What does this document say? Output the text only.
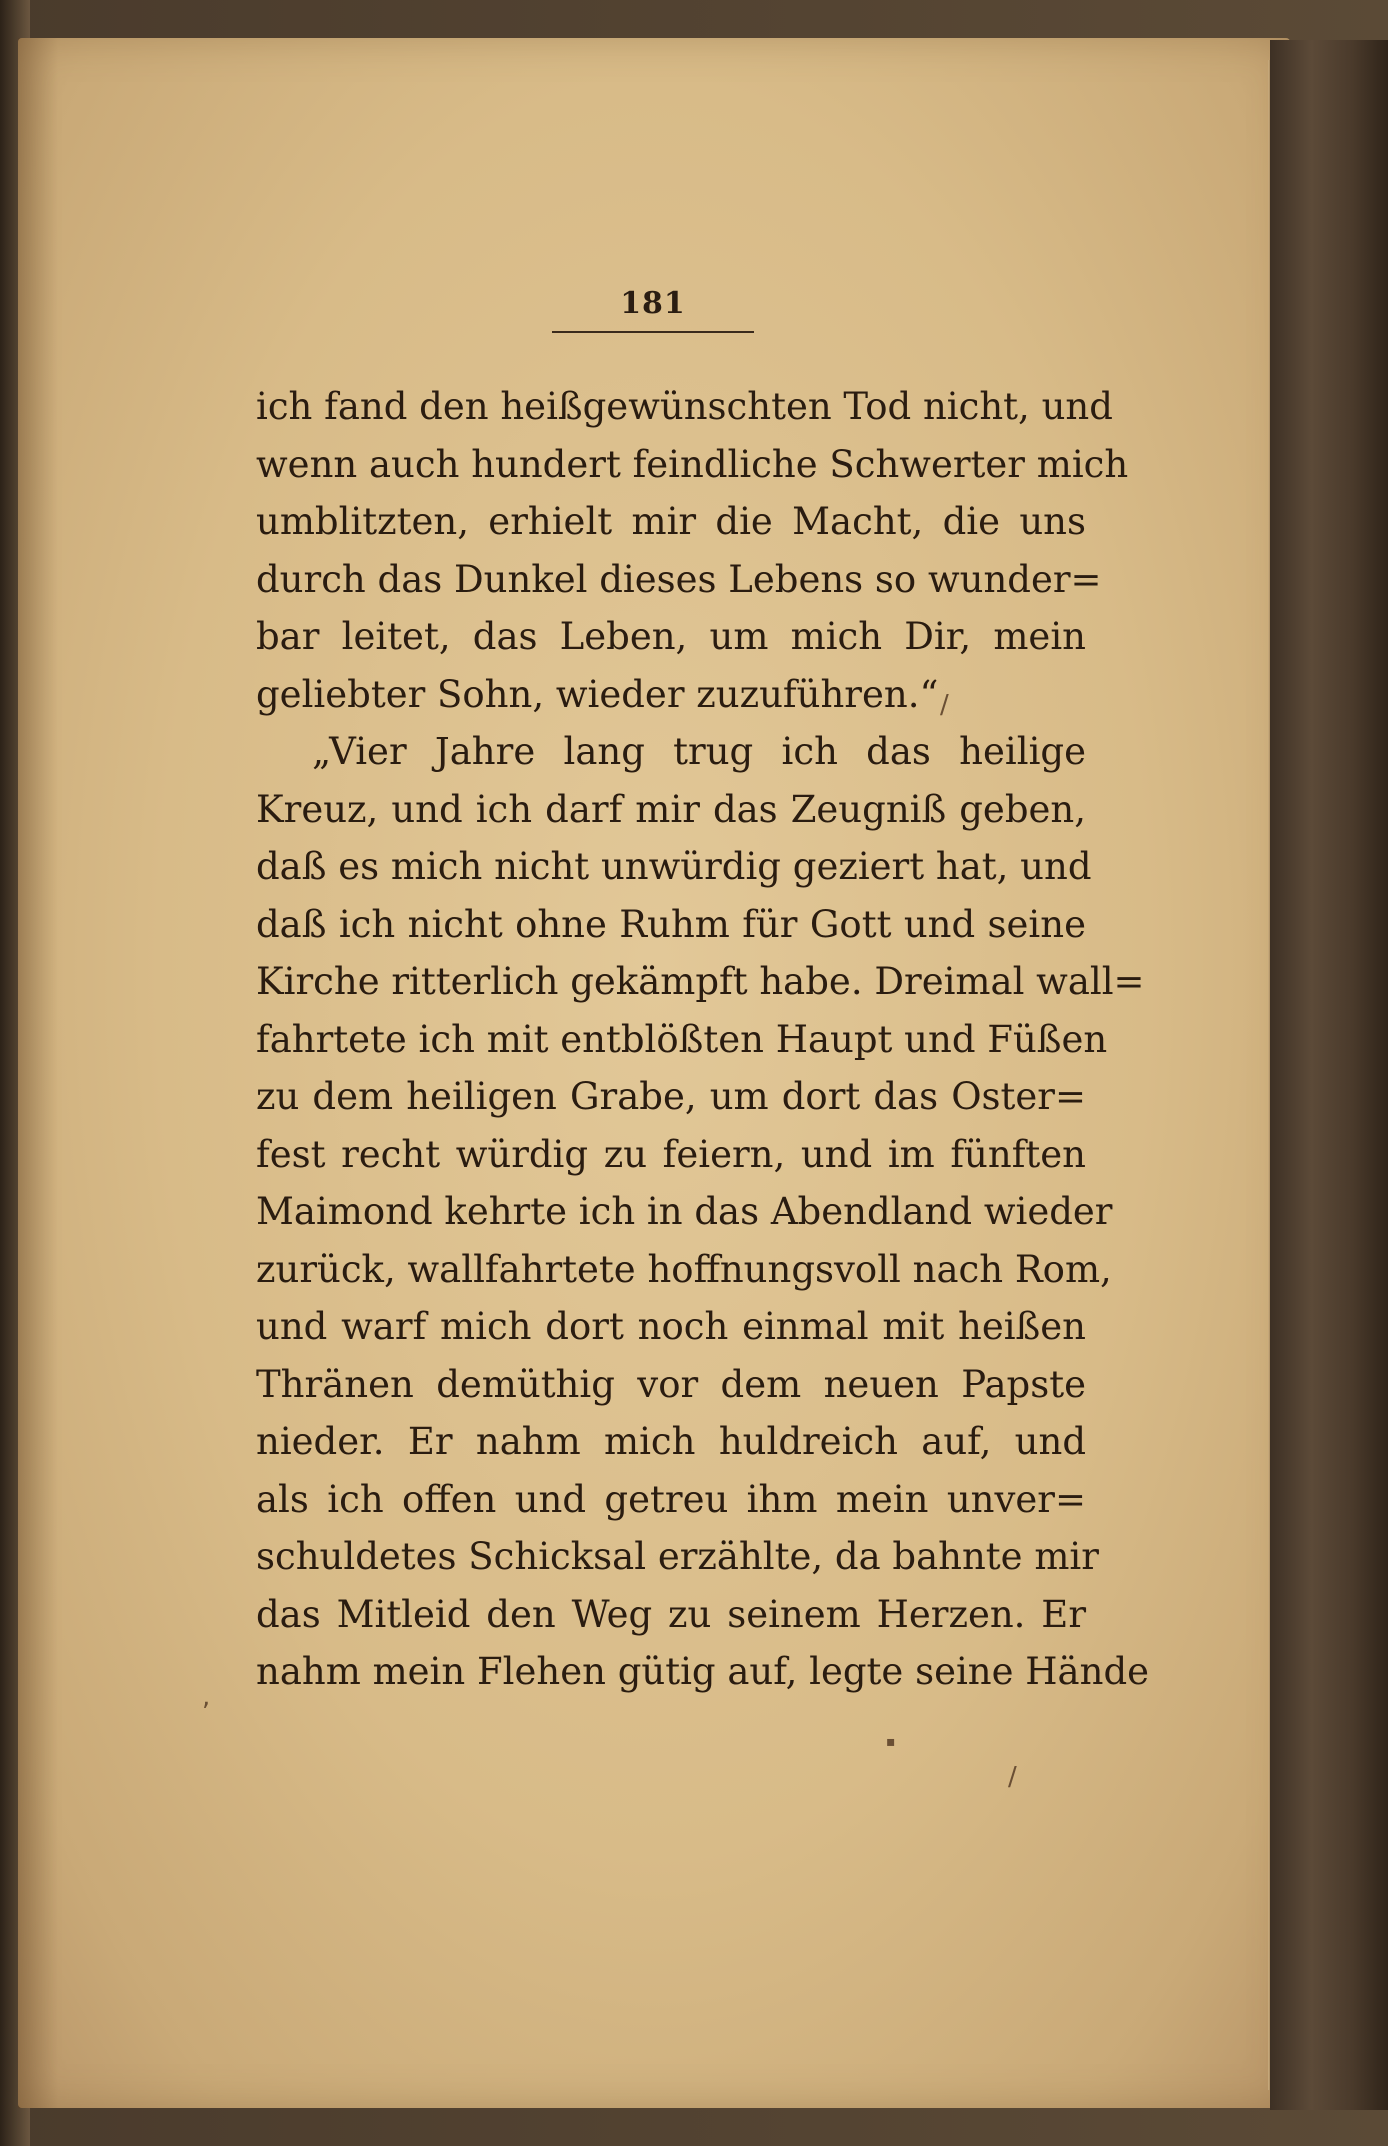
181
ich fand den heißgewünschten Tod nicht, und
wenn auch hundert feindliche Schwerter mich
umblitzten, erhielt mir die Macht, die uns
durch das Dunkel dieses Lebens so wunder=
bar leitet, das Leben, um mich Dir, mein
geliebter Sohn, wieder zuzuführen.“
„Vier Jahre lang trug ich das heilige
Kreuz, und ich darf mir das Zeugniß geben,
daß es mich nicht unwürdig geziert hat, und
daß ich nicht ohne Ruhm für Gott und seine
Kirche ritterlich gekämpft habe. Dreimal wall=
fahrtete ich mit entblößten Haupt und Füßen
zu dem heiligen Grabe, um dort das Oster=
fest recht würdig zu feiern, und im fünften
Maimond kehrte ich in das Abendland wieder
zurück, wallfahrtete hoffnungsvoll nach Rom,
und warf mich dort noch einmal mit heißen
Thränen demüthig vor dem neuen Papste
nieder. Er nahm mich huldreich auf, und
als ich offen und getreu ihm mein unver=
schuldetes Schicksal erzählte, da bahnte mir
das Mitleid den Weg zu seinem Herzen. Er
nahm mein Flehen gütig auf, legte seine Hände
/
▪
/
,
